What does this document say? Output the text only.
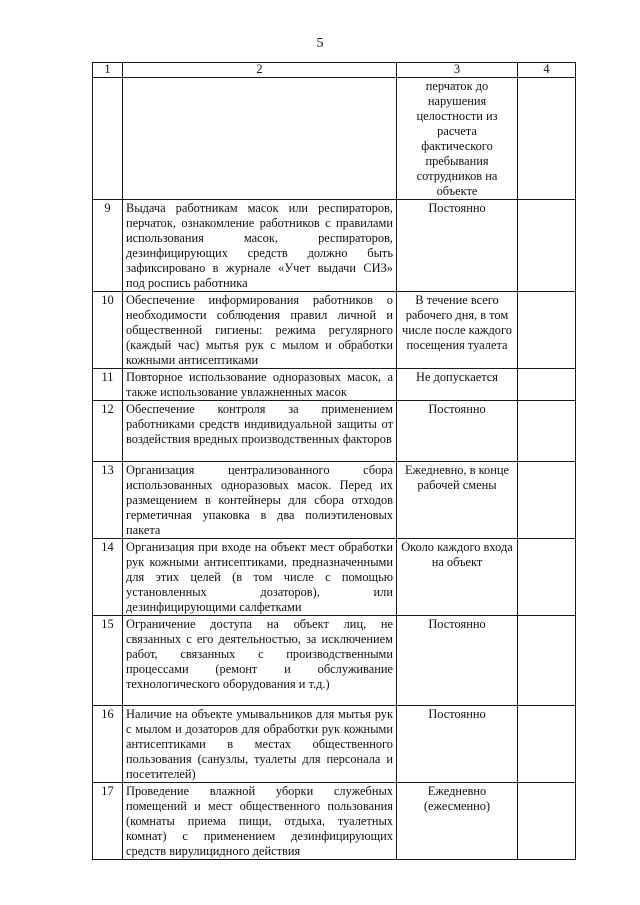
5
1	2	3	4
		перчаток до нарушения целостности из расчета фактического пребывания сотрудников на объекте	
9	Выдача работникам масок или респираторов, перчаток, ознакомление работников с правилами использования масок, респираторов, дезинфицирующих средств должно быть зафиксировано в журнале «Учет выдачи СИЗ» под роспись работника	Постоянно	
10	Обеспечение информирования работников о необходимости соблюдения правил личной и общественной гигиены: режима регулярного (каждый час) мытья рук с мылом и обработки кожными антисептиками	В течение всего рабочего дня, в том числе после каждого посещения туалета	
11	Повторное использование одноразовых масок, а также использование увлажненных масок	Не допускается	
12	Обеспечение контроля за применением работниками средств индивидуальной защиты от воздействия вредных производственных факторов	Постоянно	
13	Организация централизованного сбора использованных одноразовых масок. Перед их размещением в контейнеры для сбора отходов герметичная упаковка в два полиэтиленовых пакета	Ежедневно, в конце рабочей смены	
14	Организация при входе на объект мест обработки рук кожными антисептиками, предназначенными для этих целей (в том числе с помощью установленных дозаторов), или дезинфицирующими салфетками	Около каждого входа на объект	
15	Ограничение доступа на объект лиц, не связанных с его деятельностью, за исключением работ, связанных с производственными процессами (ремонт и обслуживание технологического оборудования и т.д.)	Постоянно	
16	Наличие на объекте умывальников для мытья рук с мылом и дозаторов для обработки рук кожными антисептиками в местах общественного пользования (санузлы, туалеты для персонала и посетителей)	Постоянно	
17	Проведение влажной уборки служебных помещений и мест общественного пользования (комнаты приема пищи, отдыха, туалетных комнат) с применением дезинфицирующих средств вирулицидного действия	Ежедневно (ежесменно)	
